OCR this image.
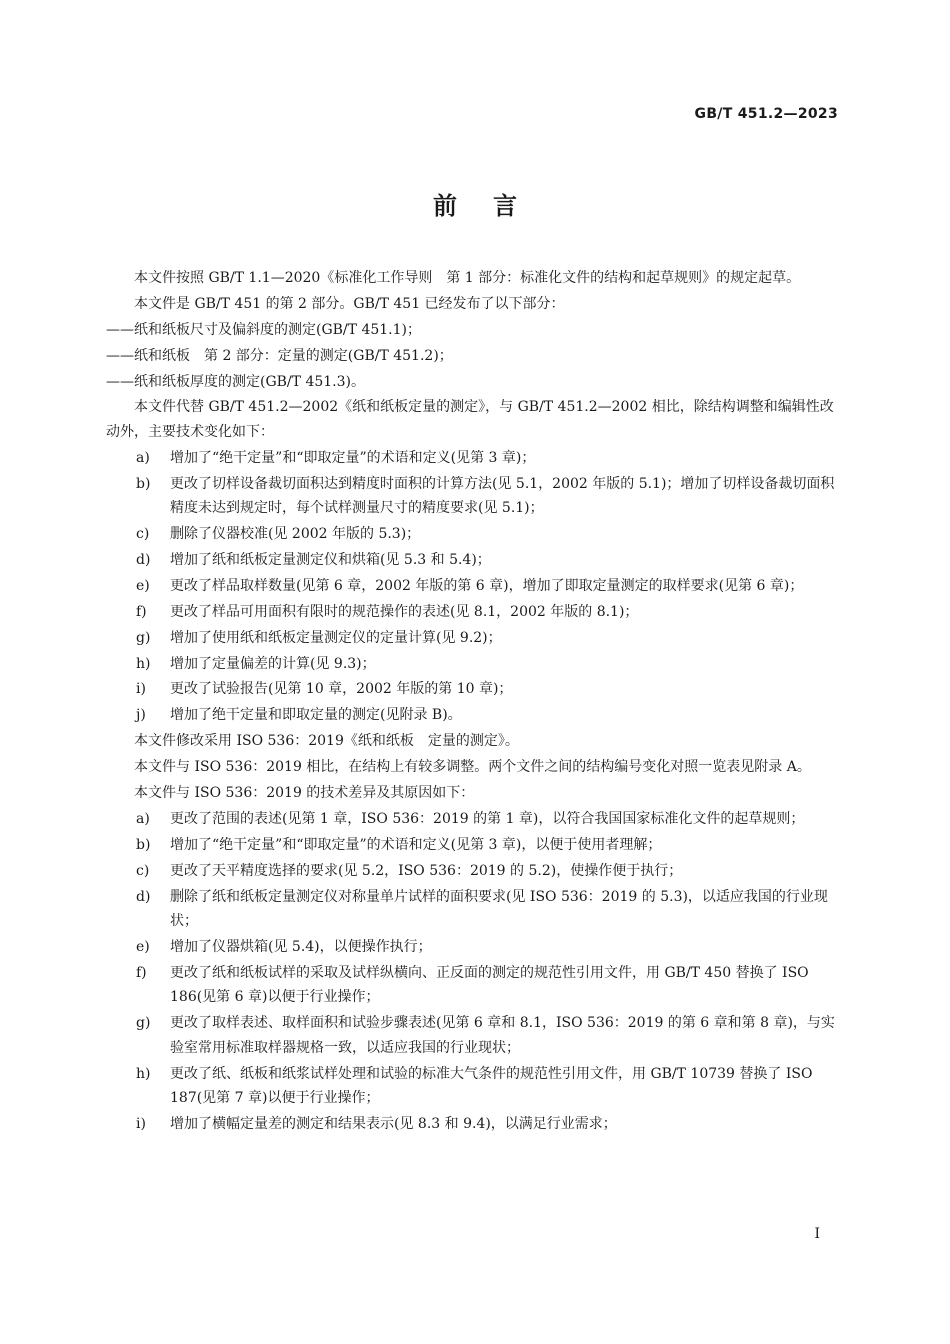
GB/T 451.2—2023
前言

本文件按照 GB/T 1.1—2020《标准化工作导则　第 1 部分：标准化文件的结构和起草规则》的规定起草。

本文件是 GB/T 451 的第 2 部分。GB/T 451 已经发布了以下部分：

——纸和纸板尺寸及偏斜度的测定(GB/T 451.1)；
——纸和纸板　第 2 部分：定量的测定(GB/T 451.2)；
——纸和纸板厚度的测定(GB/T 451.3)。

本文件代替 GB/T 451.2—2002《纸和纸板定量的测定》，与 GB/T 451.2—2002 相比，除结构调整和编辑性改动外，主要技术变化如下：

a)	增加了“绝干定量”和“即取定量”的术语和定义(见第 3 章)；
b)	更改了切样设备裁切面积达到精度时面积的计算方法(见 5.1，2002 年版的 5.1)；增加了切样设备裁切面积精度未达到规定时，每个试样测量尺寸的精度要求(见 5.1)；
c)	删除了仪器校准(见 2002 年版的 5.3)；
d)	增加了纸和纸板定量测定仪和烘箱(见 5.3 和 5.4)；
e)	更改了样品取样数量(见第 6 章，2002 年版的第 6 章)，增加了即取定量测定的取样要求(见第 6 章)；
f)	更改了样品可用面积有限时的规范操作的表述(见 8.1，2002 年版的 8.1)；
g)	增加了使用纸和纸板定量测定仪的定量计算(见 9.2)；
h)	增加了定量偏差的计算(见 9.3)；
i)	更改了试验报告(见第 10 章，2002 年版的第 10 章)；
j)	增加了绝干定量和即取定量的测定(见附录 B)。

本文件修改采用 ISO 536：2019《纸和纸板　定量的测定》。

本文件与 ISO 536：2019 相比，在结构上有较多调整。两个文件之间的结构编号变化对照一览表见附录 A。

本文件与 ISO 536：2019 的技术差异及其原因如下：

a)	更改了范围的表述(见第 1 章，ISO 536：2019 的第 1 章)，以符合我国国家标准化文件的起草规则；
b)	增加了“绝干定量”和“即取定量”的术语和定义(见第 3 章)，以便于使用者理解；
c)	更改了天平精度选择的要求(见 5.2，ISO 536：2019 的 5.2)，使操作便于执行；
d)	删除了纸和纸板定量测定仪对称量单片试样的面积要求(见 ISO 536：2019 的 5.3)，以适应我国的行业现状；
e)	增加了仪器烘箱(见 5.4)，以便操作执行；
f)	更改了纸和纸板试样的采取及试样纵横向、正反面的测定的规范性引用文件，用 GB/T 450 替换了 ISO 186(见第 6 章)以便于行业操作；
g)	更改了取样表述、取样面积和试验步骤表述(见第 6 章和 8.1，ISO 536：2019 的第 6 章和第 8 章)，与实验室常用标准取样器规格一致，以适应我国的行业现状；
h)	更改了纸、纸板和纸浆试样处理和试验的标准大气条件的规范性引用文件，用 GB/T 10739 替换了 ISO 187(见第 7 章)以便于行业操作；
i)	增加了横幅定量差的测定和结果表示(见 8.3 和 9.4)，以满足行业需求；
I
